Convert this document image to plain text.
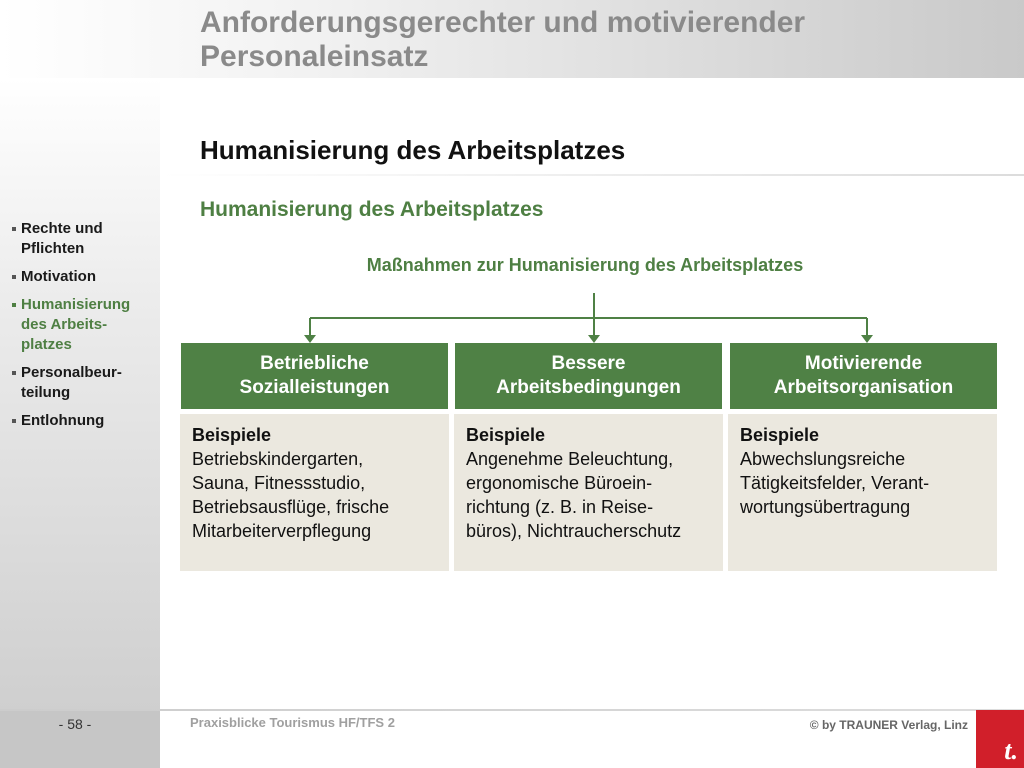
Anforderungsgerechter und motivierender Personaleinsatz
Rechte und Pflichten
Motivation
Humanisierung des Arbeits-platzes
Personalbeur-teilung
Entlohnung
Humanisierung des Arbeitsplatzes
Humanisierung des Arbeitsplatzes
Maßnahmen zur Humanisierung des Arbeitsplatzes
Betriebliche
Sozialleistungen
Bessere
Arbeitsbedingungen
Motivierende
Arbeitsorganisation
Beispiele
Betriebskindergarten,
Sauna, Fitnessstudio,
Betriebsausflüge, frische
Mitarbeiterverpflegung
Beispiele
Angenehme Beleuchtung,
ergonomische Büroein-
richtung (z. B. in Reise-
büros), Nichtraucherschutz
Beispiele
Abwechslungsreiche
Tätigkeitsfelder, Verant-
wortungsübertragung
- 58 -	Praxisblicke Tourismus HF/TFS 2	© by TRAUNER Verlag, Linz
t.
